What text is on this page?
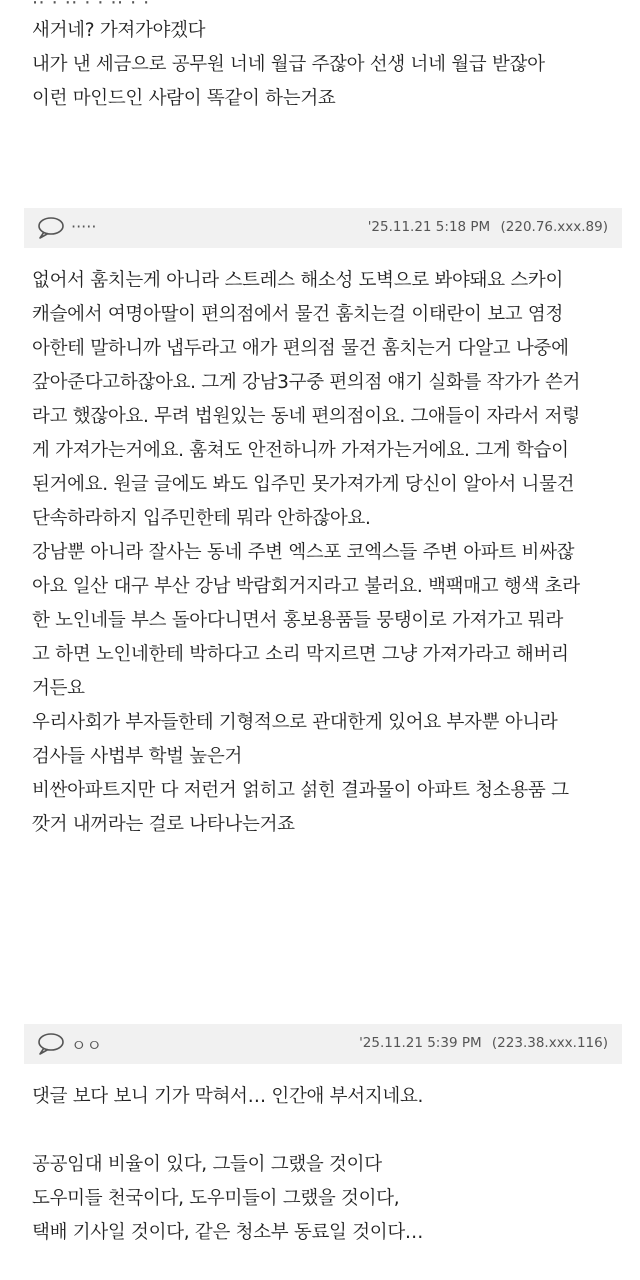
새거네? 가져가야겠다
내가 낸 세금으로 공무원 너네 월급 주잖아 선생 너네 월급 받잖아
이런 마인드인 사람이 똑같이 하는거죠
·····	'25.11.21 5:18 PM (220.76.xxx.89)
없어서 훔치는게 아니라 스트레스 해소성 도벽으로 봐야돼요 스카이
캐슬에서 여명아딸이 편의점에서 물건 훔치는걸 이태란이 보고 염정
아한테 말하니까 냅두라고 애가 편의점 물건 훔치는거 다알고 나중에
갚아준다고하잖아요. 그게 강남3구중 편의점 얘기 실화를 작가가 쓴거
라고 했잖아요. 무려 법원있는 동네 편의점이요. 그애들이 자라서 저렇
게 가져가는거에요. 훔쳐도 안전하니까 가져가는거에요. 그게 학습이
된거에요. 원글 글에도 봐도 입주민 못가져가게 당신이 알아서 니물건
단속하라하지 입주민한테 뭐라 안하잖아요.
강남뿐 아니라 잘사는 동네 주변 엑스포 코엑스들 주변 아파트 비싸잖
아요 일산 대구 부산 강남 박람회거지라고 불러요. 백팩매고 행색 초라
한 노인네들 부스 돌아다니면서 홍보용품들 뭉탱이로 가져가고 뭐라
고 하면 노인네한테 박하다고 소리 막지르면 그냥 가져가라고 해버리
거든요
우리사회가 부자들한테 기형적으로 관대한게 있어요 부자뿐 아니라
검사들 사법부 학벌 높은거
비싼아파트지만 다 저런거 얽히고 섥힌 결과물이 아파트 청소용품 그
깟거 내꺼라는 걸로 나타나는거죠
ㅇㅇ	'25.11.21 5:39 PM (223.38.xxx.116)
댓글 보다 보니 기가 막혀서… 인간애 부서지네요.
공공임대 비율이 있다, 그들이 그랬을 것이다
도우미들 천국이다, 도우미들이 그랬을 것이다,
택배 기사일 것이다, 같은 청소부 동료일 것이다…
